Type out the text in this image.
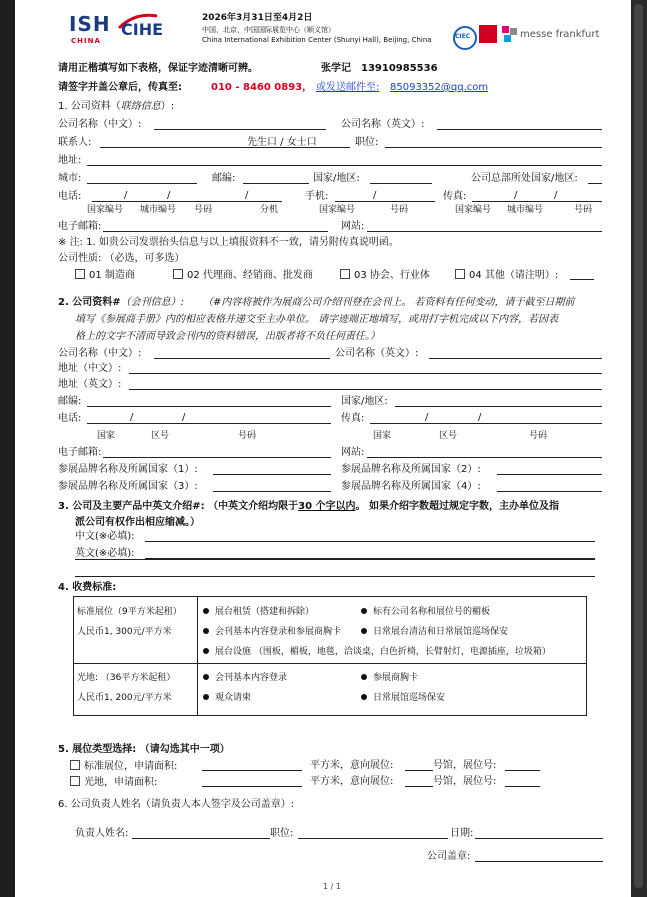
ISH
CHINA
CIHE
2026年3月31日至4月2日
中国，北京，中国国际展览中心（顺义馆）
China International Exhibition Center (Shunyi Hall), Beijing, China	CIEC	messe frankfurt
请用正楷填写如下表格，保证字迹清晰可辨。	张学记 13910985536
请签字并盖公章后，传真至:	010 - 8460 0893， 或发送邮件至: 85093352@qq.com
1. 公司资料（联络信息）:
公司名称（中文）:	公司名称（英文）:
联系人:	先生口 / 女士口	职位:
地址:
城市:	邮编:	国家/地区:	公司总部所处国家/地区:
电话:	/	/	/	手机:	/	传真:	/	/
国家编号 城市编号 号码	分机	国家编号	号码	国家编号 城市编号	号码
电子邮箱:	网站:
※ 注: 1. 如贵公司发票抬头信息与以上填报资料不一致，请另附传真说明函。
公司性质: （必选，可多选）
01 制造商	02 代理商、经销商、批发商	03 协会、行业体	04 其他（请注明）:
2. 公司资料#（会刊信息）: （#内容将被作为展商公司介绍刊登在会刊上。 若资料有任何变动，请于截至日期前
填写《参展商手册》内的相应表格并递交至主办单位。 请字迹端正地填写，或用打字机完成以下内容，若因表
格上的文字不清而导致会刊内的资料错误，出版者将不负任何责任。）
公司名称（中文）:	公司名称（英文）:
地址（中文）:
地址（英文）:
邮编:	国家/地区:
电话:	/	/	传真:	/	/
国家	区号	号码	国家	区号	号码
电子邮箱:	网站:
参展品牌名称及所属国家（1）:	参展品牌名称及所属国家（2）:
参展品牌名称及所属国家（3）:	参展品牌名称及所属国家（4）:
3. 公司及主要产品中英文介绍#: （中英文介绍均限于30 个字以内。 如果介绍字数超过规定字数，主办单位及指
派公司有权作出相应缩减。）
中文(※必填):
英文(※必填):
4. 收费标准:
标准展位（9平方米起租）
人民币1, 300元/平方米
展台租赁（搭建和拆除）	标有公司名称和展位号的楣板
会刊基本内容登录和参展商胸卡	日常展台清洁和日常展馆巡场保安
展台设施 （围板，楣板，地毯，洽谈桌，白色折椅，长臂射灯，电源插座，垃圾箱）
光地: （36平方米起租）
人民币1, 200元/平方米
会刊基本内容登录	参展商胸卡
观众请柬	日常展馆巡场保安
5. 展位类型选择: （请勾选其中一项）
标准展位，申请面积:	平方米，意向展位:	号馆，展位号:
光地，申请面积:	平方米，意向展位:	号馆，展位号:
6. 公司负责人姓名（请负责人本人签字及公司盖章）:
负责人姓名:	职位:	日期:
公司盖章:
1 / 1
